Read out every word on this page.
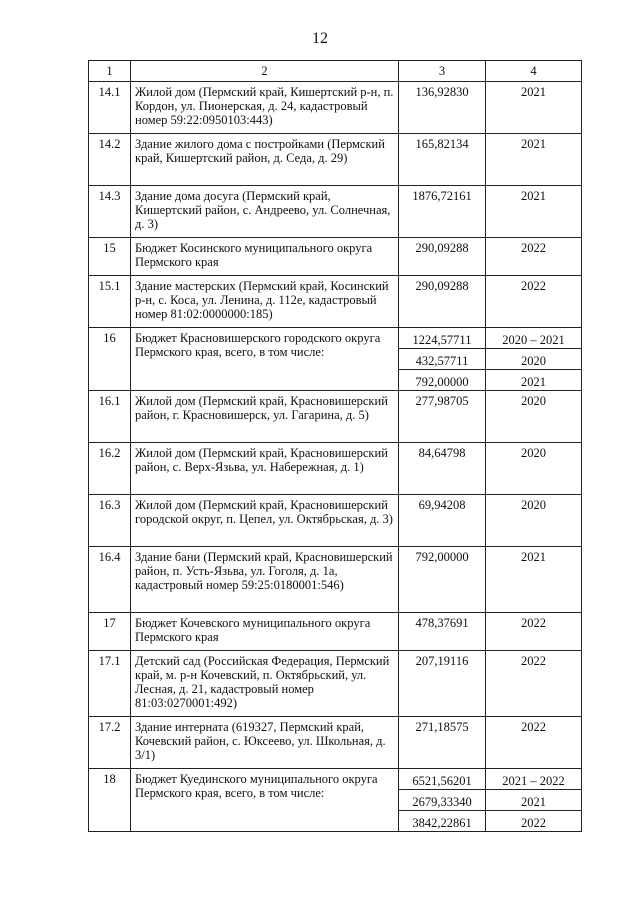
12
1	2	3	4
14.1	Жилой дом (Пермский край, Кишертский р-н, п. Кордон, ул. Пионерская, д. 24, кадастровый номер 59:22:0950103:443)	136,92830	2021
14.2	Здание жилого дома с постройками (Пермский край, Кишертский район, д. Седа, д. 29)	165,82134	2021
14.3	Здание дома досуга (Пермский край, Кишертский район, с. Андреево, ул. Солнечная, д. 3)	1876,72161	2021
15	Бюджет Косинского муниципального округа Пермского края	290,09288	2022
15.1	Здание мастерских (Пермский край, Косинский р-н, с. Коса, ул. Ленина, д. 112е, кадастровый номер 81:02:0000000:185)	290,09288	2022
16	Бюджет Красновишерского городского округа Пермского края, всего, в том числе:	1224,57711	2020 – 2021
		432,57711	2020
		792,00000	2021
16.1	Жилой дом (Пермский край, Красновишерский район, г. Красновишерск, ул. Гагарина, д. 5)	277,98705	2020
16.2	Жилой дом (Пермский край, Красновишерский район, с. Верх-Язьва, ул. Набережная, д. 1)	84,64798	2020
16.3	Жилой дом (Пермский край, Красновишерский городской округ, п. Цепел, ул. Октябрьская, д. 3)	69,94208	2020
16.4	Здание бани (Пермский край, Красновишерский район, п. Усть-Язьва, ул. Гоголя, д. 1а, кадастровый номер 59:25:0180001:546)	792,00000	2021
17	Бюджет Кочевского муниципального округа Пермского края	478,37691	2022
17.1	Детский сад (Российская Федерация, Пермский край, м. р-н Кочевский, п. Октябрьский, ул. Лесная, д. 21, кадастровый номер 81:03:0270001:492)	207,19116	2022
17.2	Здание интерната (619327, Пермский край, Кочевский район, с. Юксеево, ул. Школьная, д. 3/1)	271,18575	2022
18	Бюджет Куединского муниципального округа Пермского края, всего, в том числе:	6521,56201	2021 – 2022
		2679,33340	2021
		3842,22861	2022
